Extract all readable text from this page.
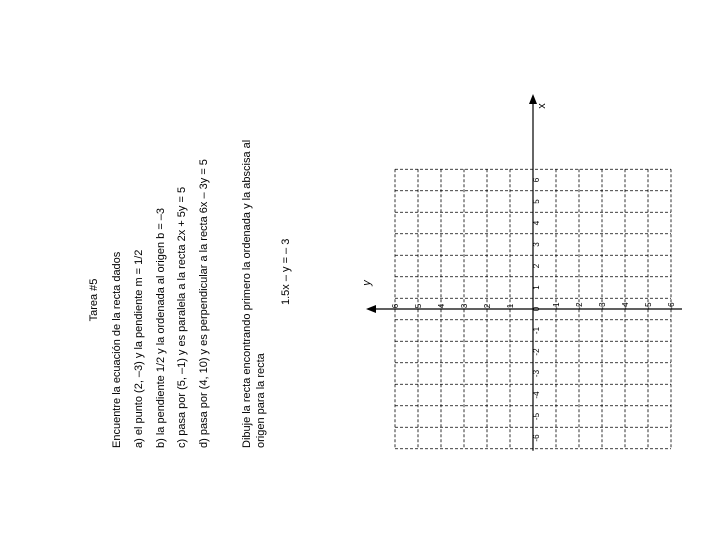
Tarea #5 Encuentre la ecuación de la recta dados a) el punto (2, –3) y la pendiente m = 1/2 b) la pendiente 1/2 y la ordenada al origen b = –3 c) pasa por (5, –1) y es paralela a la recta 2x + 5y = 5 d) pasa por (4, 10) y es perpendicular a la recta 6x – 3y = 5	Dibuje la recta encontrando primero la ordenada y la abscisa al origen para la recta
1.5x – y = – 3
-6
-5
-4
-3
-2
-1
0
1
2
3
4
5
6
6 5 4 3 2 1	-1 -2 -3 -4 -5 -6
x
y
